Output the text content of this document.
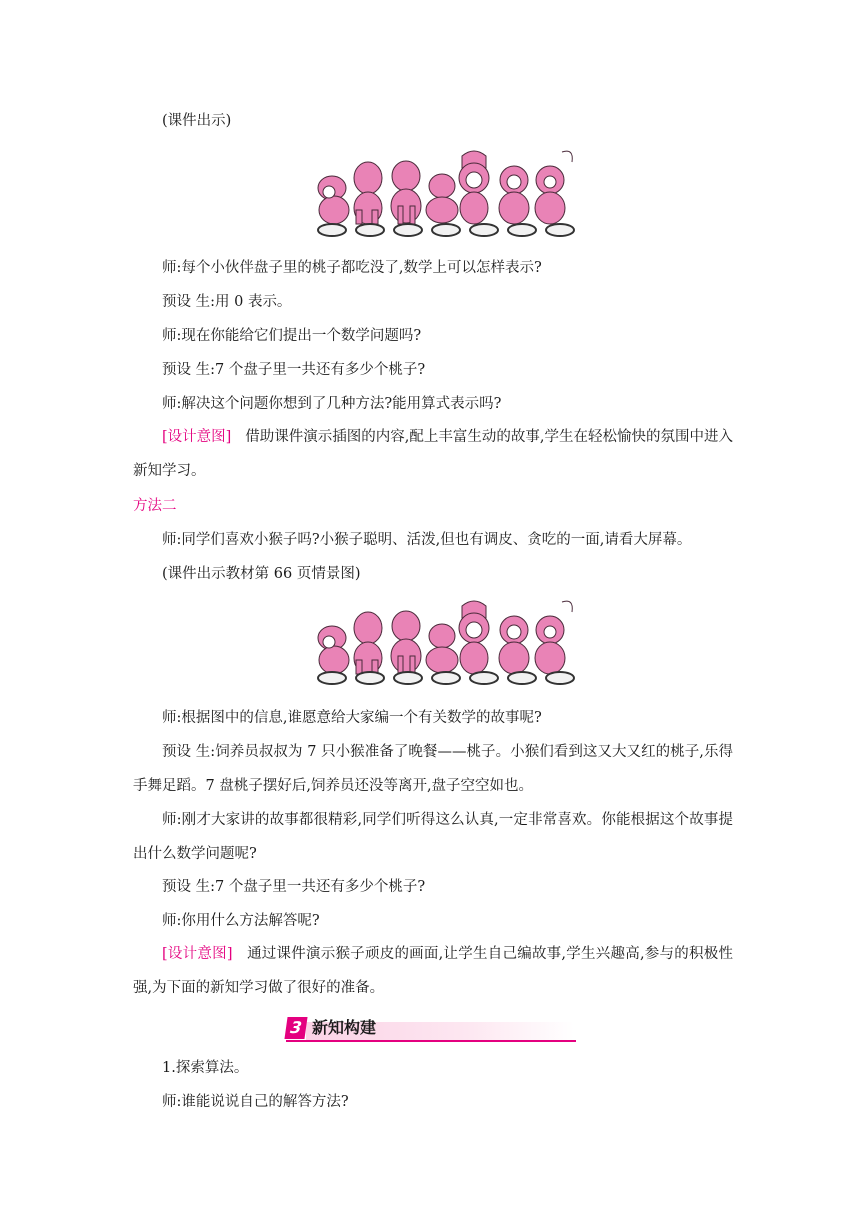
(课件出示)
师:每个小伙伴盘子里的桃子都吃没了,数学上可以怎样表示?
预设 生:用 0 表示。
师:现在你能给它们提出一个数学问题吗?
预设 生:7 个盘子里一共还有多少个桃子?
师:解决这个问题你想到了几种方法?能用算式表示吗?
[设计意图] 借助课件演示插图的内容,配上丰富生动的故事,学生在轻松愉快的氛围中进入新知学习。
方法二
师:同学们喜欢小猴子吗?小猴子聪明、活泼,但也有调皮、贪吃的一面,请看大屏幕。
(课件出示教材第 66 页情景图)
师:根据图中的信息,谁愿意给大家编一个有关数学的故事呢?
预设 生:饲养员叔叔为 7 只小猴准备了晚餐——桃子。小猴们看到这又大又红的桃子,乐得手舞足蹈。7 盘桃子摆好后,饲养员还没等离开,盘子空空如也。
师:刚才大家讲的故事都很精彩,同学们听得这么认真,一定非常喜欢。你能根据这个故事提出什么数学问题呢?
预设 生:7 个盘子里一共还有多少个桃子?
师:你用什么方法解答呢?
[设计意图] 通过课件演示猴子顽皮的画面,让学生自己编故事,学生兴趣高,参与的积极性强,为下面的新知学习做了很好的准备。
3 新知构建
1.探索算法。
师:谁能说说自己的解答方法?
